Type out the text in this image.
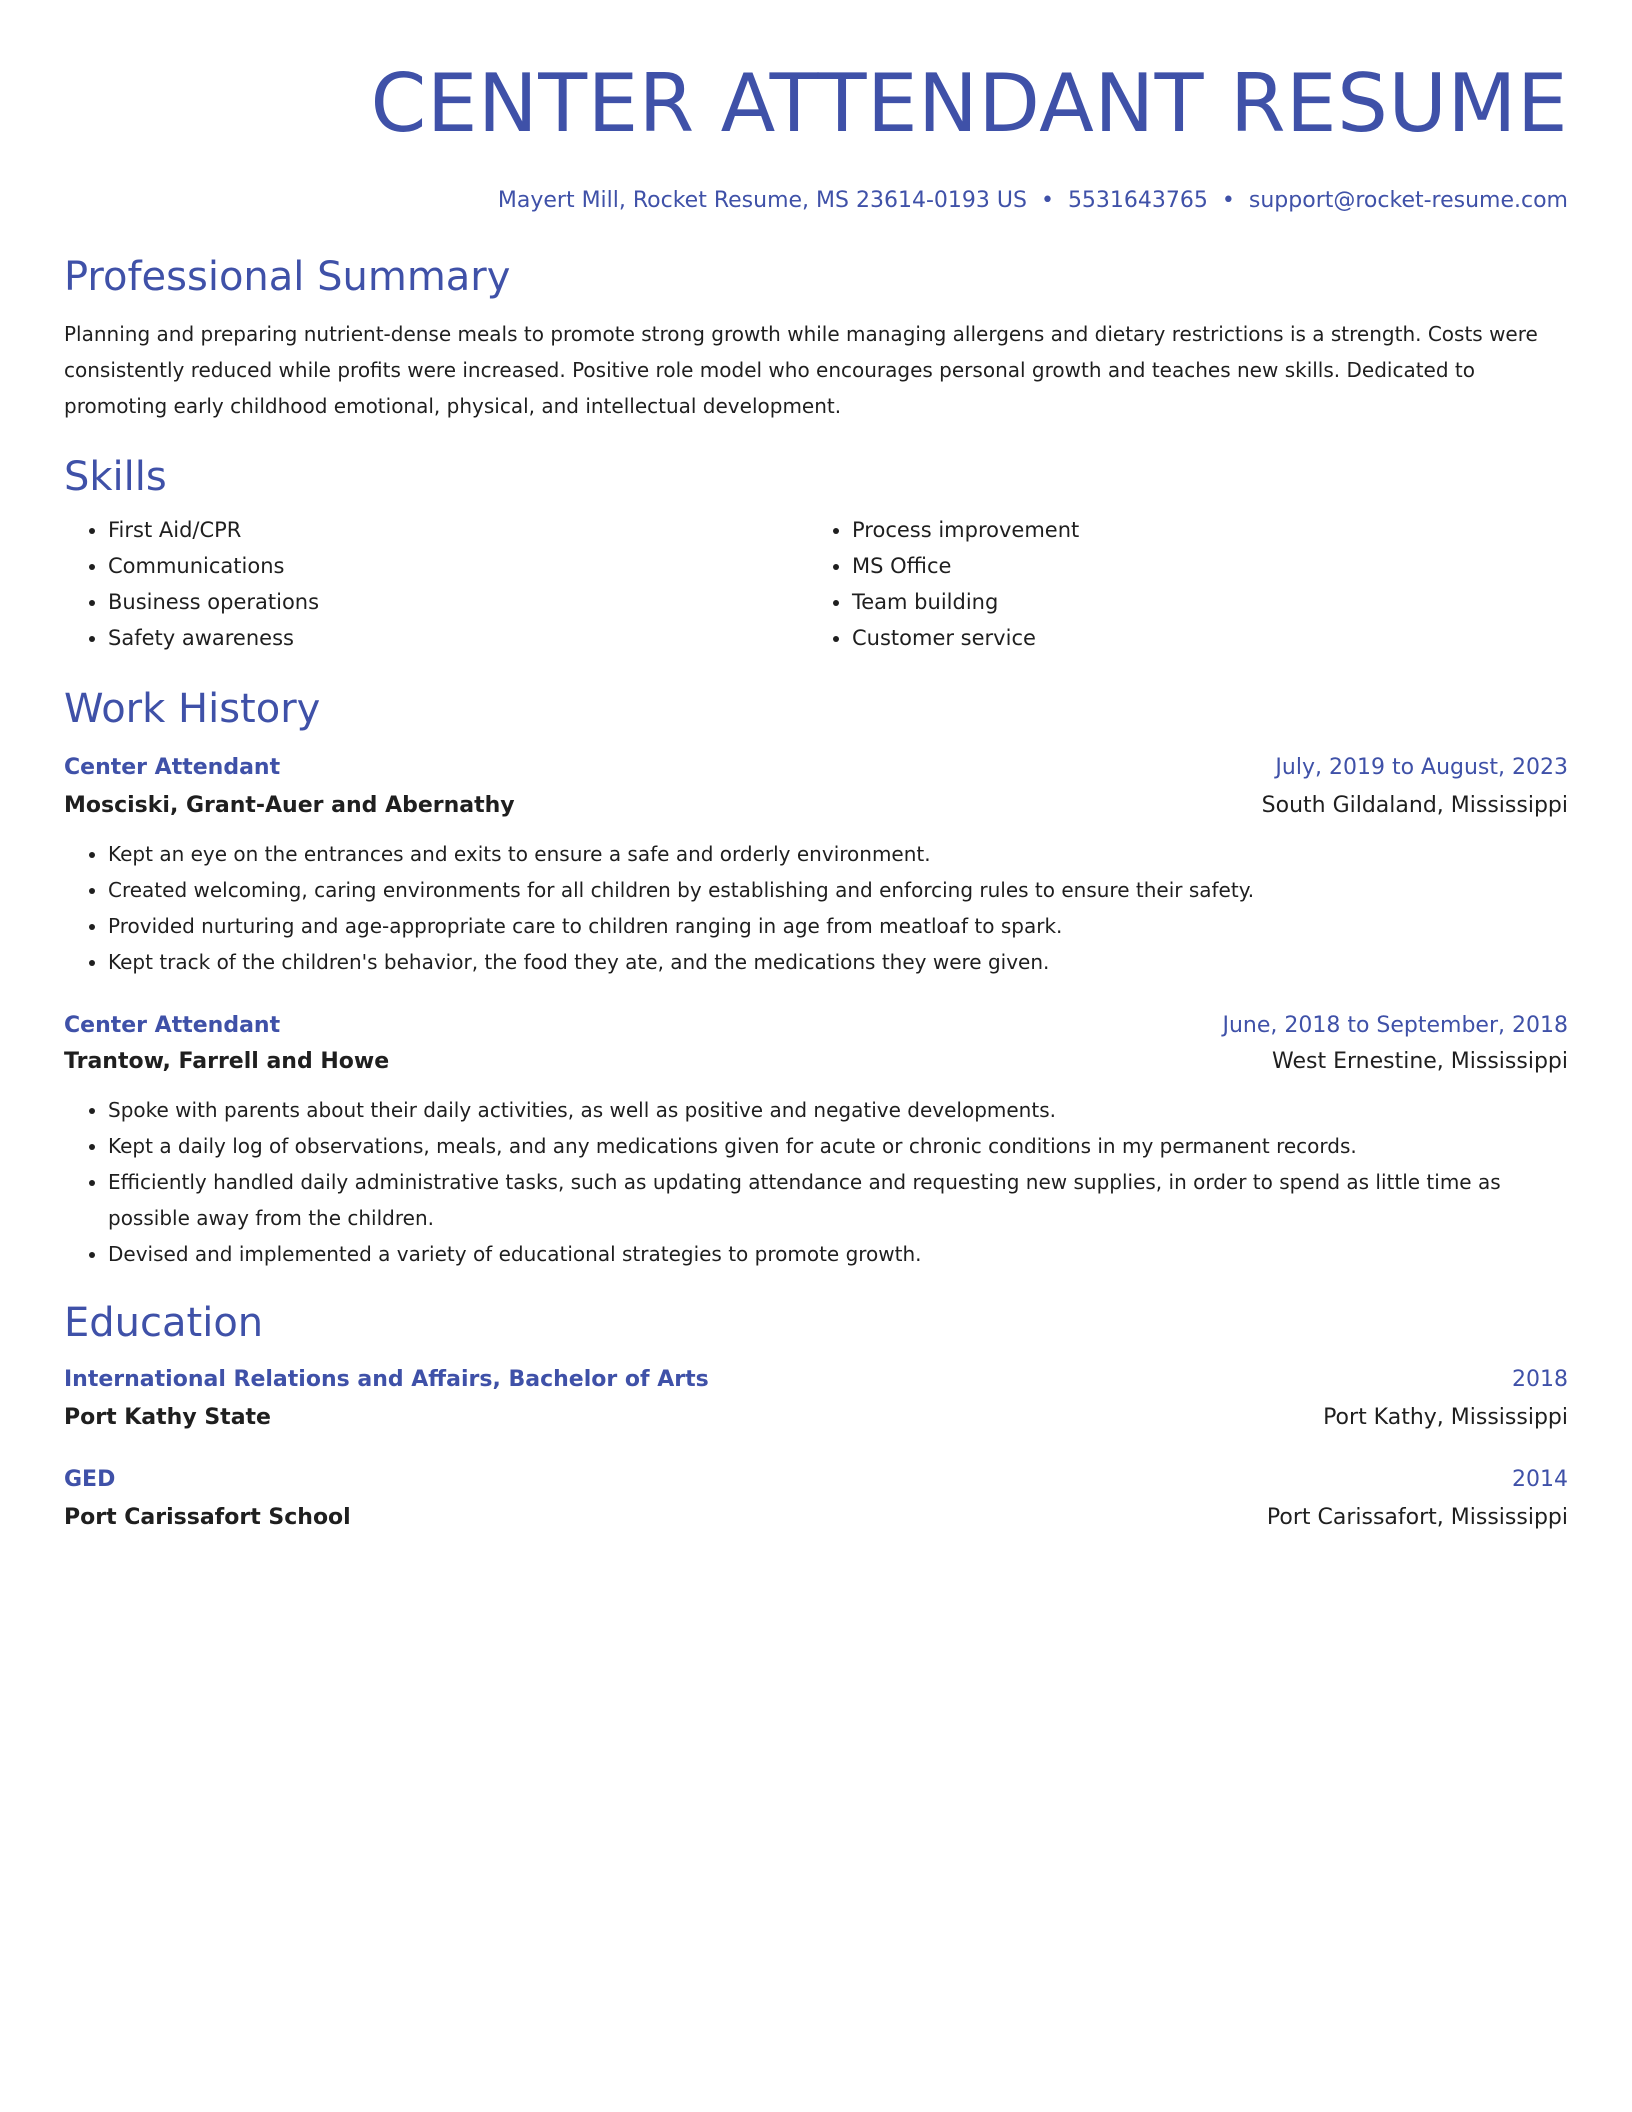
CENTER ATTENDANT RESUME
Mayert Mill, Rocket Resume, MS 23614-0193 US • 5531643765 • support@rocket-resume.com
Professional Summary

Planning and preparing nutrient-dense meals to promote strong growth while managing allergens and dietary restrictions is a strength. Costs were consistently reduced while profits were increased. Positive role model who encourages personal growth and teaches new skills. Dedicated to promoting early childhood emotional, physical, and intellectual development.

Skills
• First Aid/CPR
• Communications
• Business operations
• Safety awareness
• Process improvement
• MS Office
• Team building
• Customer service
Work History
Center Attendant	July, 2019 to August, 2023
Mosciski, Grant-Auer and Abernathy	South Gildaland, Mississippi
• Kept an eye on the entrances and exits to ensure a safe and orderly environment.
• Created welcoming, caring environments for all children by establishing and enforcing rules to ensure their safety.
• Provided nurturing and age-appropriate care to children ranging in age from meatloaf to spark.
• Kept track of the children's behavior, the food they ate, and the medications they were given.
Center Attendant	June, 2018 to September, 2018
Trantow, Farrell and Howe	West Ernestine, Mississippi
• Spoke with parents about their daily activities, as well as positive and negative developments.
• Kept a daily log of observations, meals, and any medications given for acute or chronic conditions in my permanent records.
• Efficiently handled daily administrative tasks, such as updating attendance and requesting new supplies, in order to spend as little time as possible away from the children.
• Devised and implemented a variety of educational strategies to promote growth.
Education
International Relations and Affairs, Bachelor of Arts	2018
Port Kathy State	Port Kathy, Mississippi
GED	2014
Port Carissafort School	Port Carissafort, Mississippi
